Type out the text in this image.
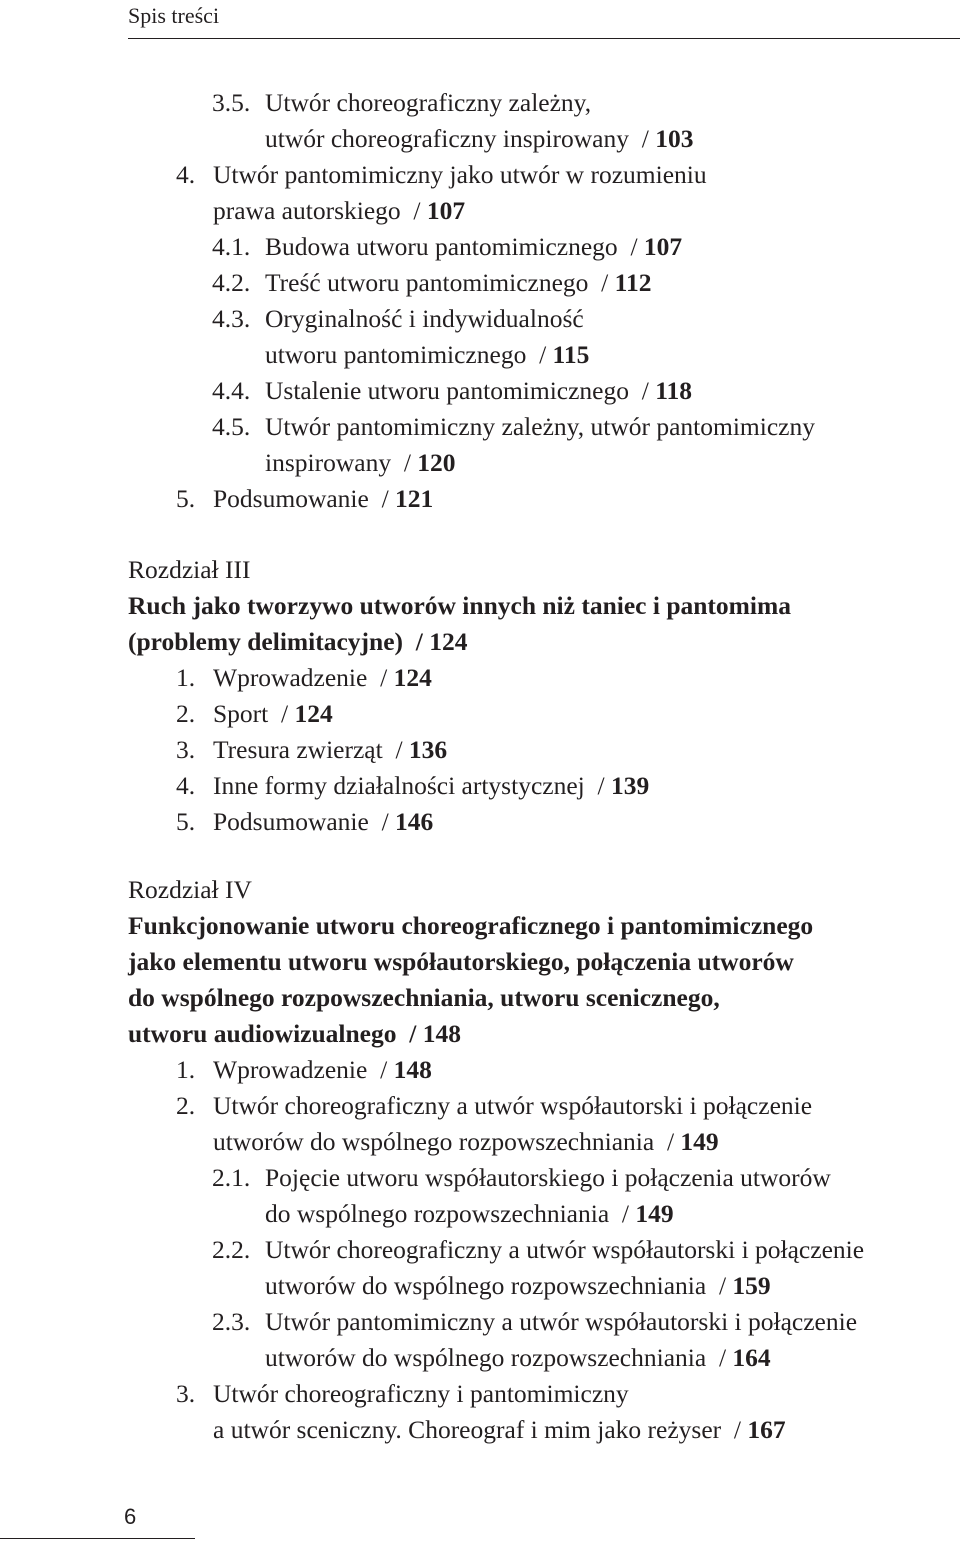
Spis treści
3.5. Utwór choreograficzny zależny,
utwór choreograficzny inspirowany  / 103
4. Utwór pantomimiczny jako utwór w rozumieniu
prawa autorskiego  / 107
4.1. Budowa utworu pantomimicznego  / 107
4.2. Treść utworu pantomimicznego  / 112
4.3. Oryginalność i indywidualność
utworu pantomimicznego  / 115
4.4. Ustalenie utworu pantomimicznego  / 118
4.5. Utwór pantomimiczny zależny, utwór pantomimiczny
inspirowany  / 120
5. Podsumowanie  / 121
Rozdział III
Ruch jako tworzywo utworów innych niż taniec i pantomima
(problemy delimitacyjne)  / 124
1. Wprowadzenie  / 124
2. Sport  / 124
3. Tresura zwierząt  / 136
4. Inne formy działalności artystycznej  / 139
5. Podsumowanie  / 146
Rozdział IV
Funkcjonowanie utworu choreograficznego i pantomimicznego
jako elementu utworu współautorskiego, połączenia utworów
do wspólnego rozpowszechniania, utworu scenicznego,
utworu audiowizualnego  / 148
1. Wprowadzenie  / 148
2. Utwór choreograficzny a utwór współautorski i połączenie
utworów do wspólnego rozpowszechniania  / 149
2.1. Pojęcie utworu współautorskiego i połączenia utworów
do wspólnego rozpowszechniania  / 149
2.2. Utwór choreograficzny a utwór współautorski i połączenie
utworów do wspólnego rozpowszechniania  / 159
2.3. Utwór pantomimiczny a utwór współautorski i połączenie
utworów do wspólnego rozpowszechniania  / 164
3. Utwór choreograficzny i pantomimiczny
a utwór sceniczny. Choreograf i mim jako reżyser  / 167
6
